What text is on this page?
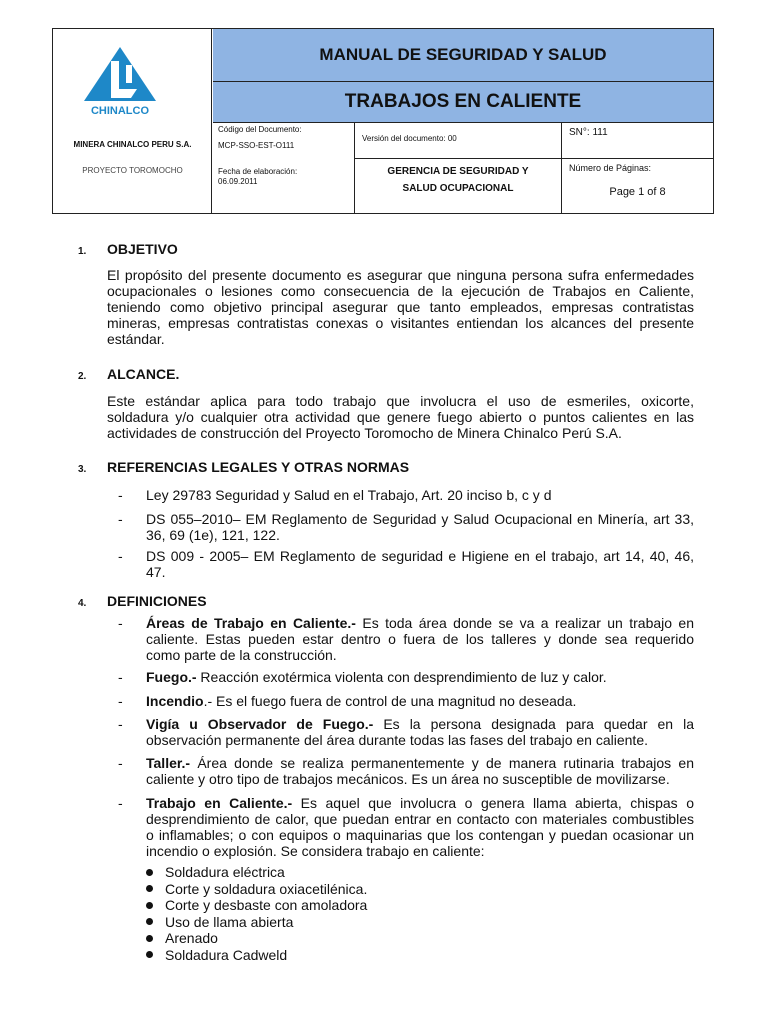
CHINALCO
MINERA CHINALCO PERU S.A.
PROYECTO TOROMOCHO
MANUAL DE SEGURIDAD Y SALUD
TRABAJOS EN CALIENTE
Código del Documento:
MCP-SSO-EST-O111
Fecha de elaboración:
06.09.2011
Versión del documento: 00
GERENCIA DE SEGURIDAD Y
SALUD OCUPACIONAL
SN°: 111
Número de Páginas:
Page 1 of 8
1. OBJETIVO
El propósito del presente documento es asegurar que ninguna persona sufra enfermedades
ocupacionales o lesiones como consecuencia de la ejecución de Trabajos en Caliente,
teniendo como objetivo principal asegurar que tanto empleados, empresas contratistas
mineras, empresas contratistas conexas o visitantes entiendan los alcances del presente
estándar.
2. ALCANCE.
Este estándar aplica para todo trabajo que involucra el uso de esmeriles, oxicorte,
soldadura y/o cualquier otra actividad que genere fuego abierto o puntos calientes en las
actividades de construcción del Proyecto Toromocho de Minera Chinalco Perú S.A.
3. REFERENCIAS LEGALES Y OTRAS NORMAS
- Ley 29783 Seguridad y Salud en el Trabajo, Art. 20 inciso b, c y d
- DS 055–2010– EM Reglamento de Seguridad y Salud Ocupacional en Minería, art 33,
36, 69 (1e), 121, 122.
- DS 009 - 2005– EM Reglamento de seguridad e Higiene en el trabajo, art 14, 40, 46,
47.
4. DEFINICIONES
- Áreas de Trabajo en Caliente.- Es toda área donde se va a realizar un trabajo en
caliente. Estas pueden estar dentro o fuera de los talleres y donde sea requerido
como parte de la construcción.
- Fuego.- Reacción exotérmica violenta con desprendimiento de luz y calor.
- Incendio.- Es el fuego fuera de control de una magnitud no deseada.
- Vigía u Observador de Fuego.- Es la persona designada para quedar en la
observación permanente del área durante todas las fases del trabajo en caliente.
- Taller.- Área donde se realiza permanentemente y de manera rutinaria trabajos en
caliente y otro tipo de trabajos mecánicos. Es un área no susceptible de movilizarse.
- Trabajo en Caliente.- Es aquel que involucra o genera llama abierta, chispas o
desprendimiento de calor, que puedan entrar en contacto con materiales combustibles
o inflamables; o con equipos o maquinarias que los contengan y puedan ocasionar un
incendio o explosión. Se considera trabajo en caliente:
Soldadura eléctrica
Corte y soldadura oxiacetilénica.
Corte y desbaste con amoladora
Uso de llama abierta
Arenado
Soldadura Cadweld
